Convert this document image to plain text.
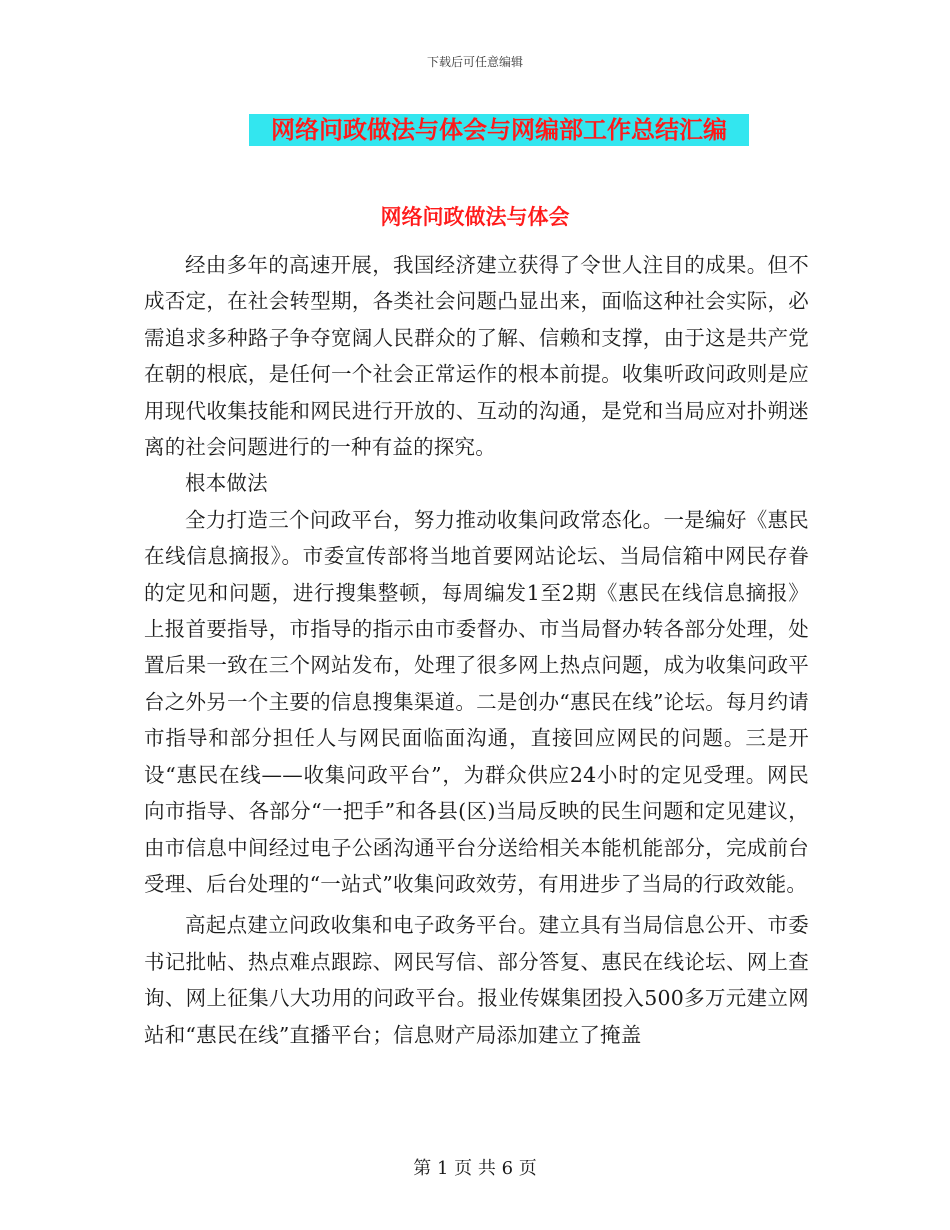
下载后可任意编辑
网络问政做法与体会与网编部工作总结汇编
网络问政做法与体会

经由多年的高速开展，我国经济建立获得了令世人注目的成果。但不成否定，在社会转型期，各类社会问题凸显出来，面临这种社会实际，必需追求多种路子争夺宽阔人民群众的了解、信赖和支撑，由于这是共产党在朝的根底，是任何一个社会正常运作的根本前提。收集听政问政则是应用现代收集技能和网民进行开放的、互动的沟通，是党和当局应对扑朔迷离的社会问题进行的一种有益的探究。

根本做法

全力打造三个问政平台，努力推动收集问政常态化。一是编好《惠民在线信息摘报》。市委宣传部将当地首要网站论坛、当局信箱中网民存眷的定见和问题，进行搜集整顿，每周编发1至2期《惠民在线信息摘报》上报首要指导，市指导的指示由市委督办、市当局督办转各部分处理，处置后果一致在三个网站发布，处理了很多网上热点问题，成为收集问政平台之外另一个主要的信息搜集渠道。二是创办“惠民在线”论坛。每月约请市指导和部分担任人与网民面临面沟通，直接回应网民的问题。三是开设“惠民在线——收集问政平台”，为群众供应24小时的定见受理。网民向市指导、各部分“一把手”和各县(区)当局反映的民生问题和定见建议，由市信息中间经过电子公函沟通平台分送给相关本能机能部分，完成前台受理、后台处理的“一站式”收集问政效劳，有用进步了当局的行政效能。

高起点建立问政收集和电子政务平台。建立具有当局信息公开、市委书记批帖、热点难点跟踪、网民写信、部分答复、惠民在线论坛、网上查询、网上征集八大功用的问政平台。报业传媒集团投入500多万元建立网站和“惠民在线”直播平台；信息财产局添加建立了掩盖

第 1 页 共 6 页
